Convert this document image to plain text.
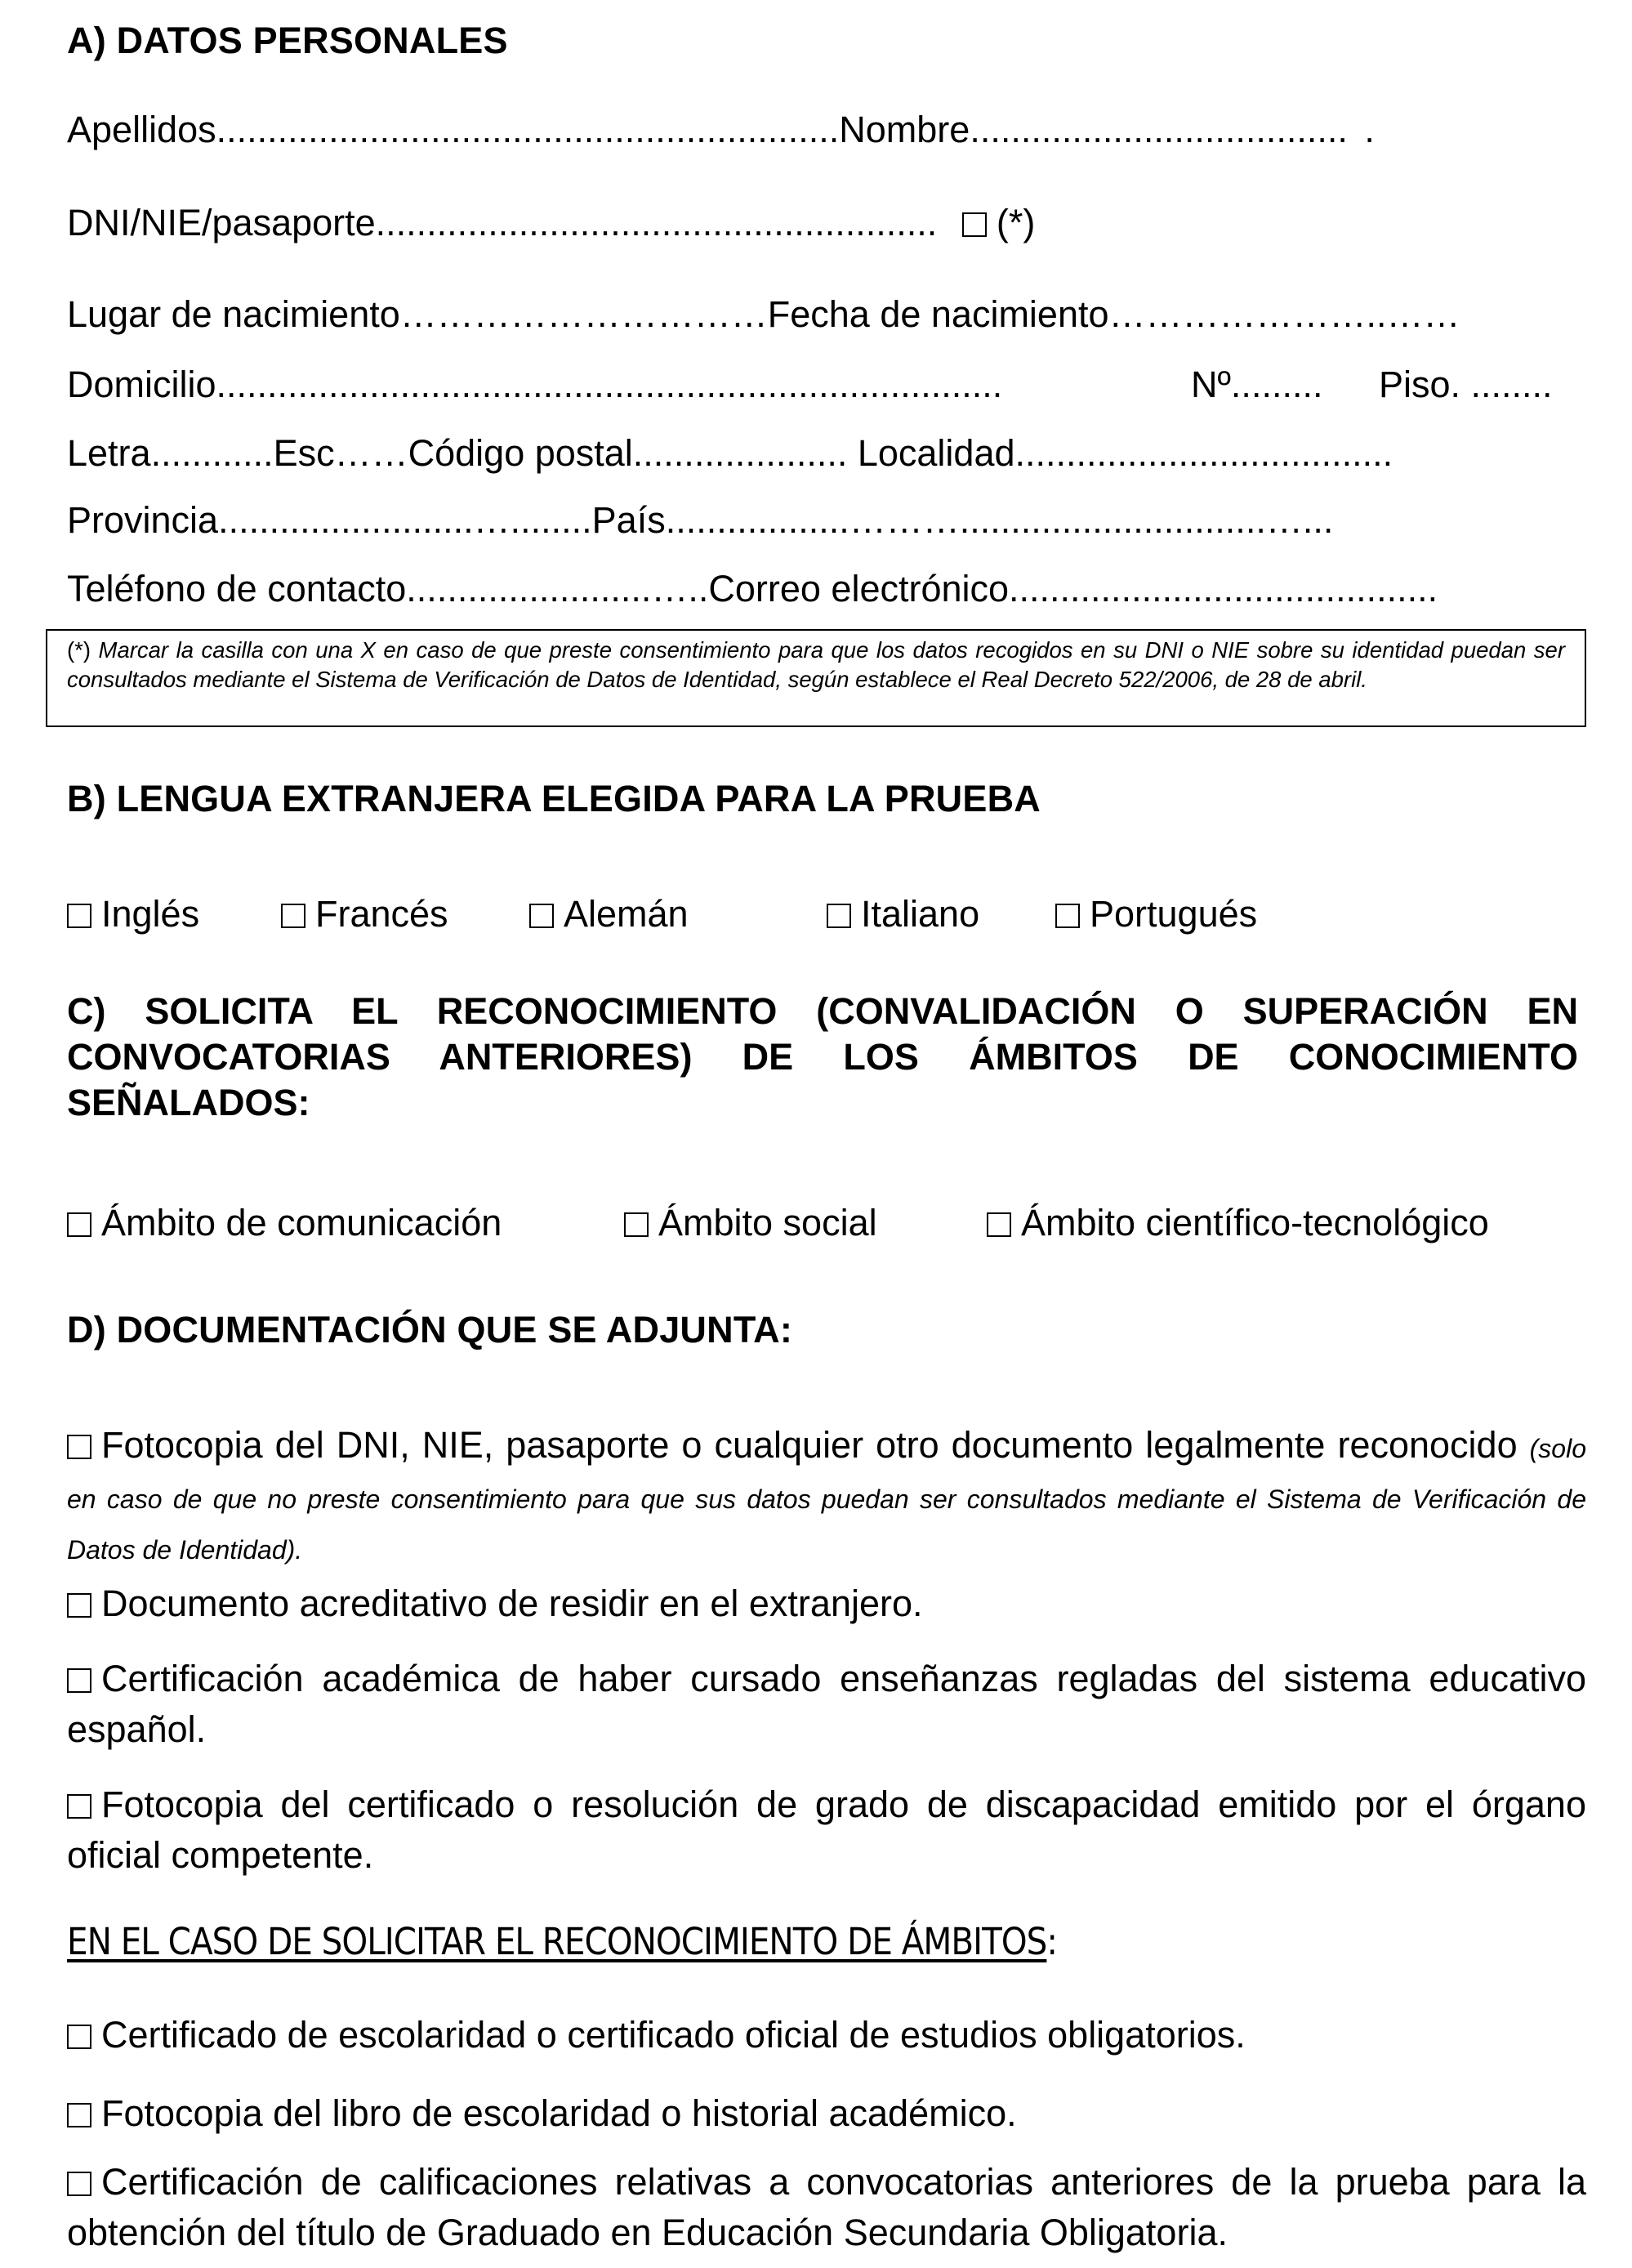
A) DATOS PERSONALES
Apellidos.............................................................Nombre..................................... .
DNI/NIE/pasaporte....................................................... (*)
Lugar de nacimiento…………………………Fecha de nacimiento…………………..……
Domicilio.............................................................................	Nº......... Piso. ........
Letra............Esc……Código postal..................... Localidad.....................................
Provincia.........................…........País..................………..............................…...
Teléfono de contacto........................…..Correo electrónico..........................................
(*) Marcar la casilla con una X en caso de que preste consentimiento para que los datos recogidos en su DNI o NIE sobre su identidad puedan ser consultados mediante el Sistema de Verificación de Datos de Identidad, según establece el Real Decreto 522/2006, de 28 de abril.
B) LENGUA EXTRANJERA ELEGIDA PARA LA PRUEBA
Inglés	Francés	Alemán	Italiano	Portugués
C) SOLICITA EL RECONOCIMIENTO (CONVALIDACIÓN O SUPERACIÓN EN CONVOCATORIAS ANTERIORES) DE LOS ÁMBITOS DE CONOCIMIENTO SEÑALADOS:
Ámbito de comunicación	Ámbito social	Ámbito científico-tecnológico
D) DOCUMENTACIÓN QUE SE ADJUNTA:
Fotocopia del DNI, NIE, pasaporte o cualquier otro documento legalmente reconocido (solo en caso de que no preste consentimiento para que sus datos puedan ser consultados mediante el Sistema de Verificación de Datos de Identidad).
Documento acreditativo de residir en el extranjero.
Certificación académica de haber cursado enseñanzas regladas del sistema educativo español.
Fotocopia del certificado o resolución de grado de discapacidad emitido por el órgano oficial competente.
EN EL CASO DE SOLICITAR EL RECONOCIMIENTO DE ÁMBITOS:
Certificado de escolaridad o certificado oficial de estudios obligatorios.
Fotocopia del libro de escolaridad o historial académico.
Certificación de calificaciones relativas a convocatorias anteriores de la prueba para la obtención del título de Graduado en Educación Secundaria Obligatoria.
